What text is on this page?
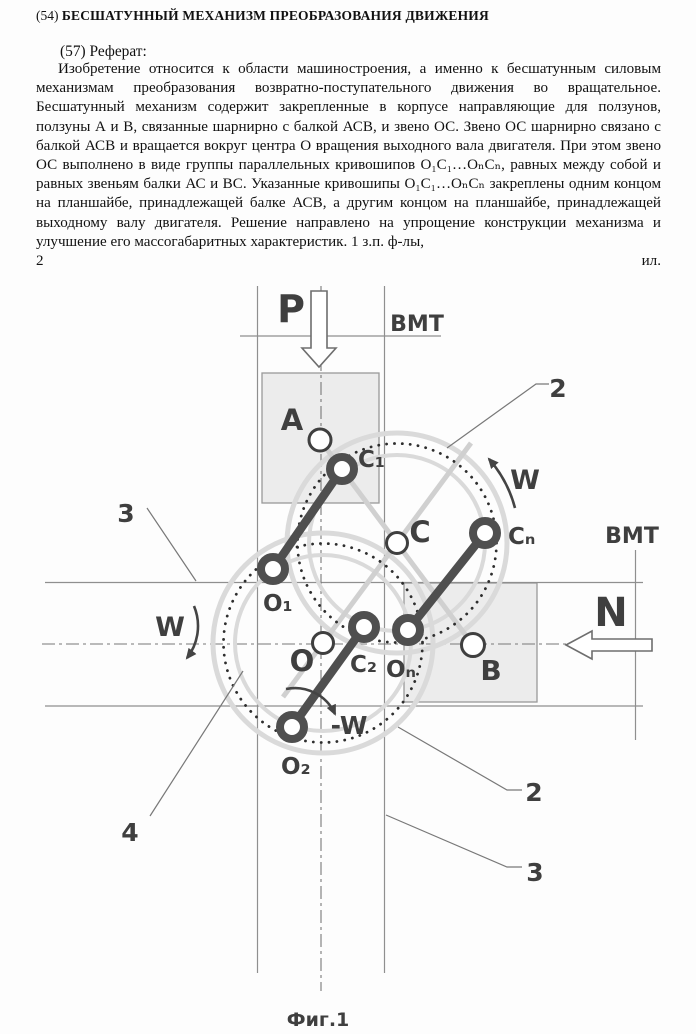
(54) БЕСШАТУННЫЙ МЕХАНИЗМ ПРЕОБРАЗОВАНИЯ ДВИЖЕНИЯ
(57) Реферат:
Изобретение относится к области машиностроения, а именно к бесшатунным силовым механизмам преобразования возвратно-поступательного движения во вращательное. Бесшатунный механизм содержит закрепленные в корпусе направляющие для ползунов, ползуны А и В, связанные шарнирно с балкой АСВ, и звено ОС. Звено ОС шарнирно связано с балкой АСВ и вращается вокруг центра О вращения выходного вала двигателя. При этом звено ОС выполнено в виде группы параллельных кривошипов О₁С₁…ОₙСₙ, равных между собой и равных звеньям балки АС и ВС. Указанные кривошипы О₁С₁…ОₙСₙ закреплены одним концом на планшайбе, принадлежащей балке АСВ, а другим концом на планшайбе, принадлежащей выходному валу двигателя. Решение направлено на упрощение конструкции механизма и улучшение его массогабаритных характеристик. 1 з.п. ф-лы,
2	ил.
P	ВМТ
ВМТ
N
A
B
C
O
C₁
O₁
C₂
O₂
Cₙ
Oₙ
W
W
-W
2
3
4
2
3
Фиг.1
